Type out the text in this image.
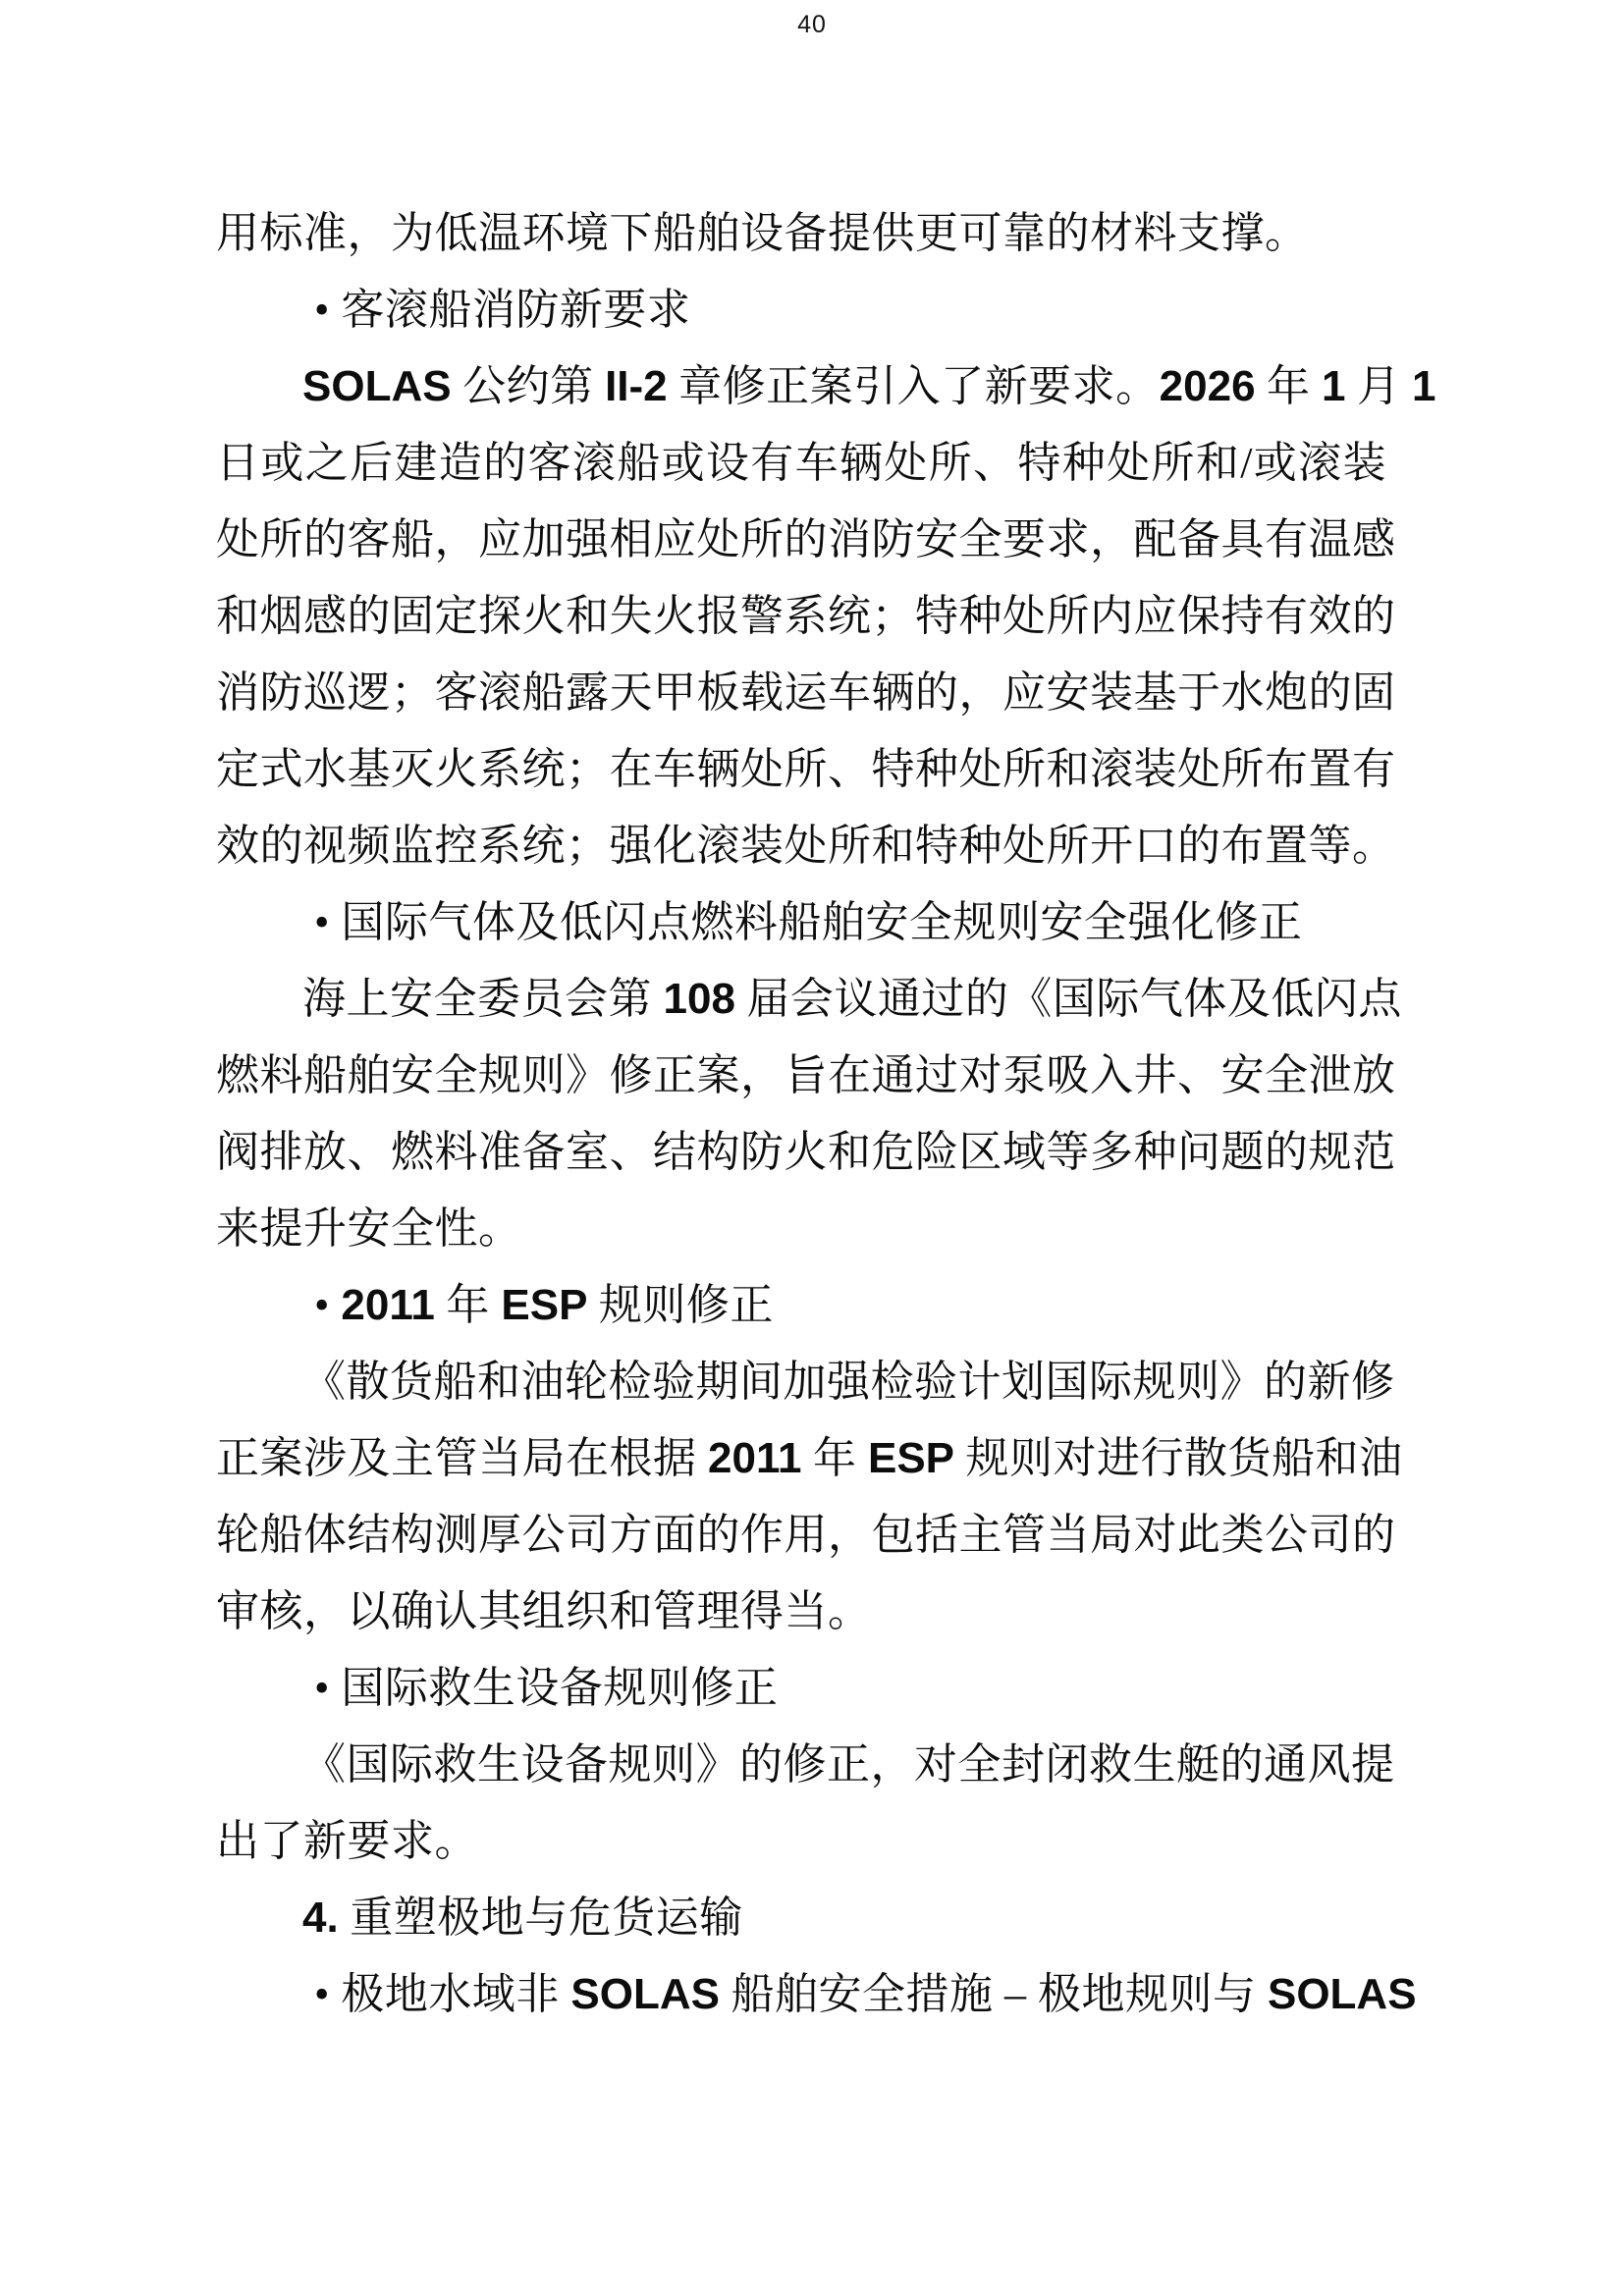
40
用标准，为低温环境下船舶设备提供更可靠的材料支撑。
• 客滚船消防新要求
SOLAS 公约第 II-2 章修正案引入了新要求。2026 年 1 月 1
日或之后建造的客滚船或设有车辆处所、特种处所和/或滚装
处所的客船，应加强相应处所的消防安全要求，配备具有温感
和烟感的固定探火和失火报警系统；特种处所内应保持有效的
消防巡逻；客滚船露天甲板载运车辆的，应安装基于水炮的固
定式水基灭火系统；在车辆处所、特种处所和滚装处所布置有
效的视频监控系统；强化滚装处所和特种处所开口的布置等。
• 国际气体及低闪点燃料船舶安全规则安全强化修正
海上安全委员会第 108 届会议通过的《国际气体及低闪点
燃料船舶安全规则》修正案，旨在通过对泵吸入井、安全泄放
阀排放、燃料准备室、结构防火和危险区域等多种问题的规范
来提升安全性。
• 2011 年 ESP 规则修正
《散货船和油轮检验期间加强检验计划国际规则》的新修
正案涉及主管当局在根据 2011 年 ESP 规则对进行散货船和油
轮船体结构测厚公司方面的作用，包括主管当局对此类公司的
审核，以确认其组织和管理得当。
• 国际救生设备规则修正
《国际救生设备规则》的修正，对全封闭救生艇的通风提
出了新要求。
4. 重塑极地与危货运输
• 极地水域非 SOLAS 船舶安全措施 – 极地规则与 SOLAS
